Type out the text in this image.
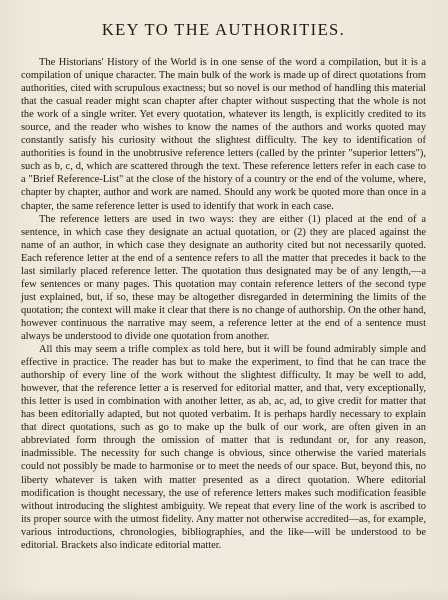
KEY TO THE AUTHORITIES.

The Historians' History of the World is in one sense of the word a compilation, but it is a compilation of unique character. The main bulk of the work is made up of direct quotations from authorities, cited with scrupulous exactness; but so novel is our method of handling this material that the casual reader might scan chapter after chapter without suspecting that the whole is not the work of a single writer. Yet every quotation, whatever its length, is explicitly credited to its source, and the reader who wishes to know the names of the authors and works quoted may constantly satisfy his curiosity without the slightest difficulty. The key to identification of authorities is found in the unobtrusive reference letters (called by the printer "superior letters"), such as b, c, d, which are scattered through the text. These reference letters refer in each case to a "Brief Reference-List" at the close of the history of a country or the end of the volume, where, chapter by chapter, author and work are named. Should any work be quoted more than once in a chapter, the same reference letter is used to identify that work in each case.

The reference letters are used in two ways: they are either (1) placed at the end of a sentence, in which case they designate an actual quotation, or (2) they are placed against the name of an author, in which case they designate an authority cited but not necessarily quoted. Each reference letter at the end of a sentence refers to all the matter that precedes it back to the last similarly placed reference letter. The quotation thus designated may be of any length,—a few sentences or many pages. This quotation may contain reference letters of the second type just explained, but, if so, these may be altogether disregarded in determining the limits of the quotation; the context will make it clear that there is no change of authorship. On the other hand, however continuous the narrative may seem, a reference letter at the end of a sentence must always be understood to divide one quotation from another.

All this may seem a trifle complex as told here, but it will be found admirably simple and effective in practice. The reader has but to make the experiment, to find that he can trace the authorship of every line of the work without the slightest difficulty. It may be well to add, however, that the reference letter a is reserved for editorial matter, and that, very exceptionally, this letter is used in combination with another letter, as ab, ac, ad, to give credit for matter that has been editorially adapted, but not quoted verbatim. It is perhaps hardly necessary to explain that direct quotations, such as go to make up the bulk of our work, are often given in an abbreviated form through the omission of matter that is redundant or, for any reason, inadmissible. The necessity for such change is obvious, since otherwise the varied materials could not possibly be made to harmonise or to meet the needs of our space. But, beyond this, no liberty whatever is taken with matter presented as a direct quotation. Where editorial modification is thought necessary, the use of reference letters makes such modification feasible without introducing the slightest ambiguity. We repeat that every line of the work is ascribed to its proper source with the utmost fidelity. Any matter not otherwise accredited—as, for example, various introductions, chronologies, bibliographies, and the like—will be understood to be editorial. Brackets also indicate editorial matter.
